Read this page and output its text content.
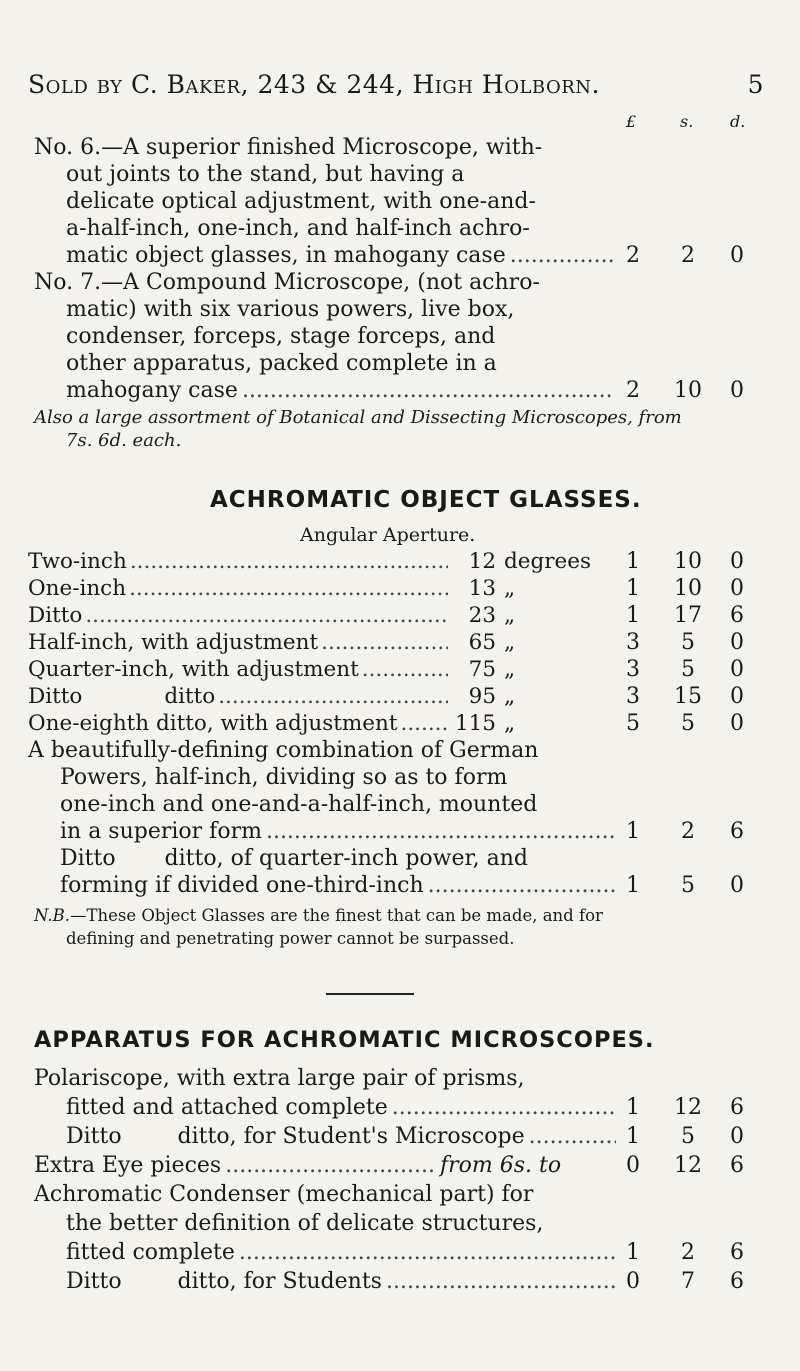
Sold by C. Baker, 243 & 244, High Holborn.	5
£	s. d.
No. 6.—A superior finished Microscope, with-
out joints to the stand, but having a
delicate optical adjustment, with one-and-
a-half-inch, one-inch, and half-inch achro-
matic object glasses, in mahogany case .....	2	2	0
No. 7.—A Compound Microscope, (not achro-
matic) with six various powers, live box,
condenser, forceps, stage forceps, and
other apparatus, packed complete in a
mahogany case .....	2	10	0
Also a large assortment of Botanical and Dissecting Microscopes, from
7s. 6d. each.
ACHROMATIC OBJECT GLASSES.
Angular Aperture.
Two-inch .....	12 degrees	1	10	0
One-inch .....	13 „	1	10	0
Ditto .....	23 „	1	17	6
Half-inch, with adjustment .....	65 „	3	5	0
Quarter-inch, with adjustment .....	75 „	3	5	0
Ditto            ditto .....	95 „	3	15	0
One-eighth ditto, with adjustment .....	115 „	5	5	0
A beautifully-defining combination of German
Powers, half-inch, dividing so as to form
one-inch and one-and-a-half-inch, mounted
in a superior form .....	1	2	6
Ditto       ditto, of quarter-inch power, and
forming if divided one-third-inch .....	1	5	0
N.B.—These Object Glasses are the finest that can be made, and for
defining and penetrating power cannot be surpassed.
APPARATUS FOR ACHROMATIC MICROSCOPES.
Polariscope, with extra large pair of prisms,
fitted and attached complete .....	1	12	6
Ditto        ditto, for Student's Microscope .....	1	5	0
Extra Eye pieces .....	from 6s. to	0	12	6
Achromatic Condenser (mechanical part) for
the better definition of delicate structures,
fitted complete .....	1	2	6
Ditto        ditto, for Students .....	0	7	6
